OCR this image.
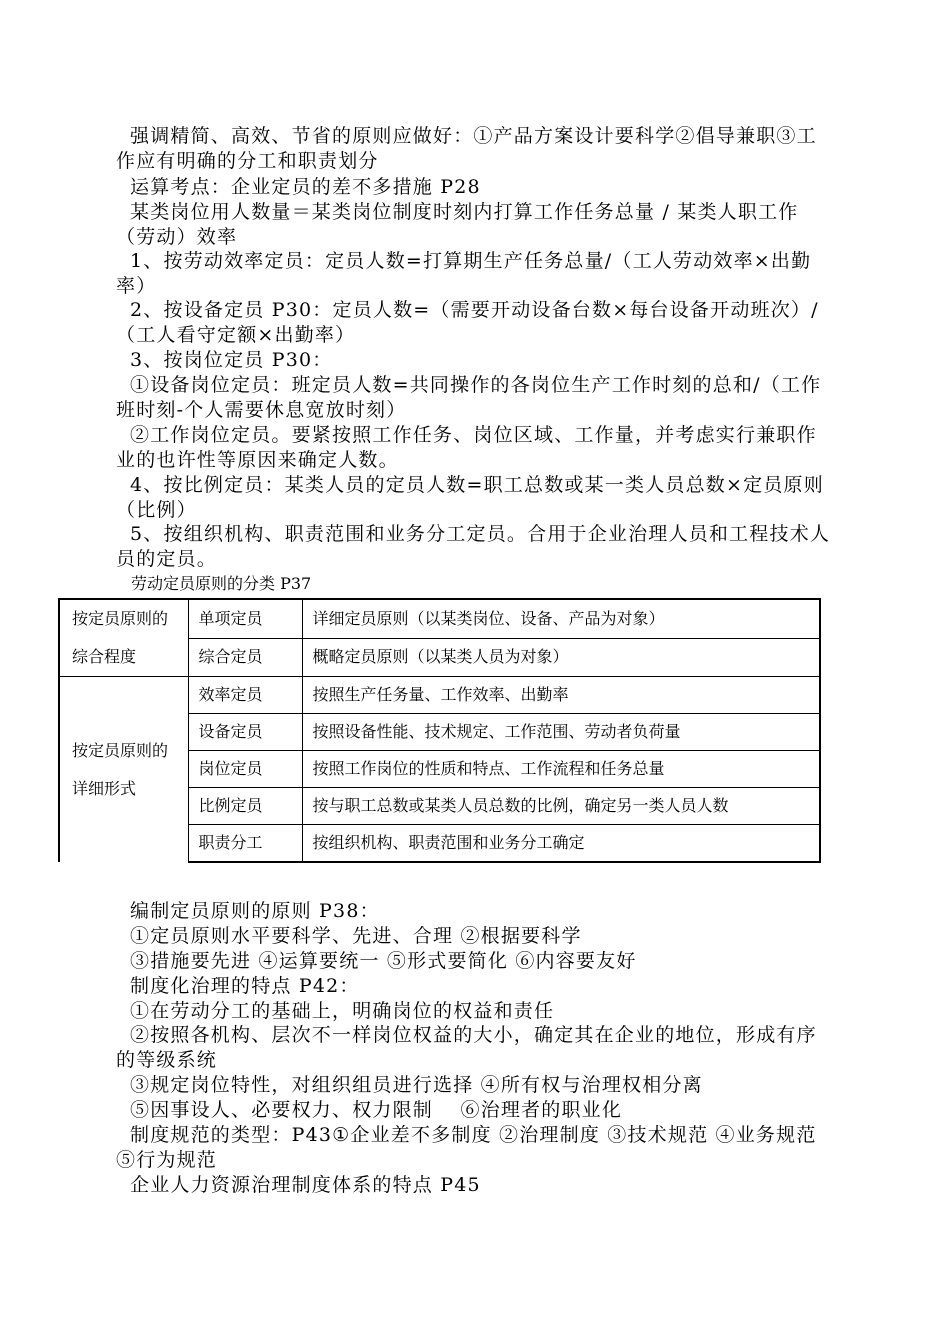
强调精简、高效、节省的原则应做好：①产品方案设计要科学②倡导兼职③工作应有明确的分工和职责划分

运算考点：企业定员的差不多措施 P28

某类岗位用人数量＝某类岗位制度时刻内打算工作任务总量 / 某类人职工作（劳动）效率

1、按劳动效率定员：定员人数=打算期生产任务总量/（工人劳动效率×出勤率）

2、按设备定员 P30：定员人数=（需要开动设备台数×每台设备开动班次）/（工人看守定额×出勤率）

3、按岗位定员 P30：

①设备岗位定员：班定员人数=共同操作的各岗位生产工作时刻的总和/（工作班时刻-个人需要休息宽放时刻）

②工作岗位定员。要紧按照工作任务、岗位区域、工作量，并考虑实行兼职作业的也许性等原因来确定人数。

4、按比例定员：某类人员的定员人数=职工总数或某一类人员总数×定员原则（比例）

5、按组织机构、职责范围和业务分工定员。合用于企业治理人员和工程技术人员的定员。

劳动定员原则的分类 P37

按定员原则的综合程度	单项定员	详细定员原则（以某类岗位、设备、产品为对象）
	综合定员	概略定员原则（以某类人员为对象）
按定员原则的详细形式	效率定员	按照生产任务量、工作效率、出勤率
	设备定员	按照设备性能、技术规定、工作范围、劳动者负荷量
	岗位定员	按照工作岗位的性质和特点、工作流程和任务总量
	比例定员	按与职工总数或某类人员总数的比例，确定另一类人员人数
	职责分工	按组织机构、职责范围和业务分工确定

编制定员原则的原则 P38：

①定员原则水平要科学、先进、合理 ②根据要科学

③措施要先进 ④运算要统一 ⑤形式要简化 ⑥内容要友好

制度化治理的特点 P42：

①在劳动分工的基础上，明确岗位的权益和责任

②按照各机构、层次不一样岗位权益的大小，确定其在企业的地位，形成有序的等级系统

③规定岗位特性，对组织组员进行选择 ④所有权与治理权相分离

⑤因事设人、必要权力、权力限制　 ⑥治理者的职业化

制度规范的类型：P43①企业差不多制度 ②治理制度 ③技术规范 ④业务规范 ⑤行为规范

企业人力资源治理制度体系的特点 P45
